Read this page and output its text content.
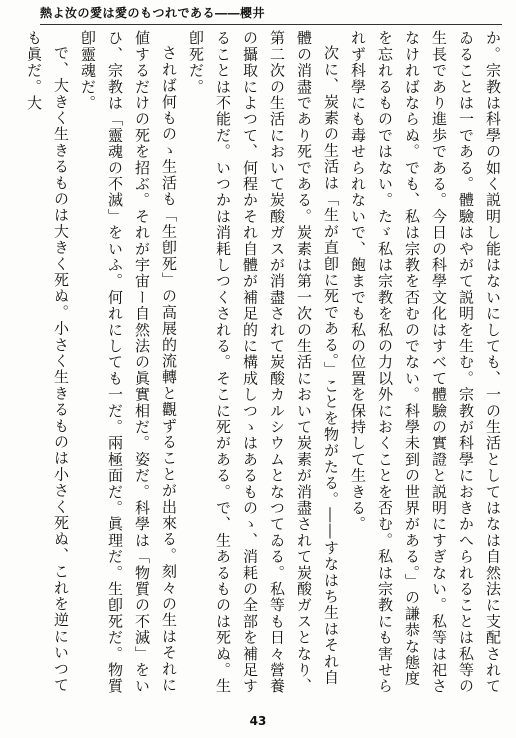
熱よ汝の愛は愛のもつれである――櫻井

か。宗教は科學の如く説明し能はないにしても、一の生活としてはなは自然法に支配されてゐることは一である。體驗はやがて説明を生む。宗教が科學におきかへられることは私等の生長であり進歩である。今日の科學文化はすべて體驗の實證と説明にすぎない。私等は祀さなければならぬ。でも、私は宗教を否むのでない。科學未到の世界がある。」の謙恭な態度を忘れるものではない。たゞ私は宗教を私の力以外におくことを否む。私は宗教にも害せられず科學にも毒せられないで、飽までも私の位置を保持して生きる。

次に、炭素の生活は「生が直卽に死である。」ことを物がたる。――すなはち生はそれ自體の消盡であり死である。炭素は第一次の生活において炭素が消盡されて炭酸ガスとなり、第二次の生活において炭酸ガスが消盡されて炭酸カルシウムとなつてゐる。私等も日々營養の攝取によつて、何程かそれ自體が補足的に構成しつゝはあるものゝ、消耗の全部を補足することは不能だ。いつかは消耗しつくされる。そこに死がある。で、生あるものは死ぬ。生卽死だ。

されば何ものゝ生活も「生卽死」の高展的流轉と觀ずることが出來る。刻々の生はそれに値するだけの死を招ぶ。それが宇宙ー自然法の眞實相だ。姿だ。科學は「物質の不滅」をいひ、宗教は「靈魂の不滅」をいふ。何れにしても一だ。兩極面だ。眞理だ。生卽死だ。物質卽靈魂だ。

で、大きく生きるものは大きく死ぬ。小さく生きるものは小さく死ぬ、これを逆にいつても眞だ。大

43
